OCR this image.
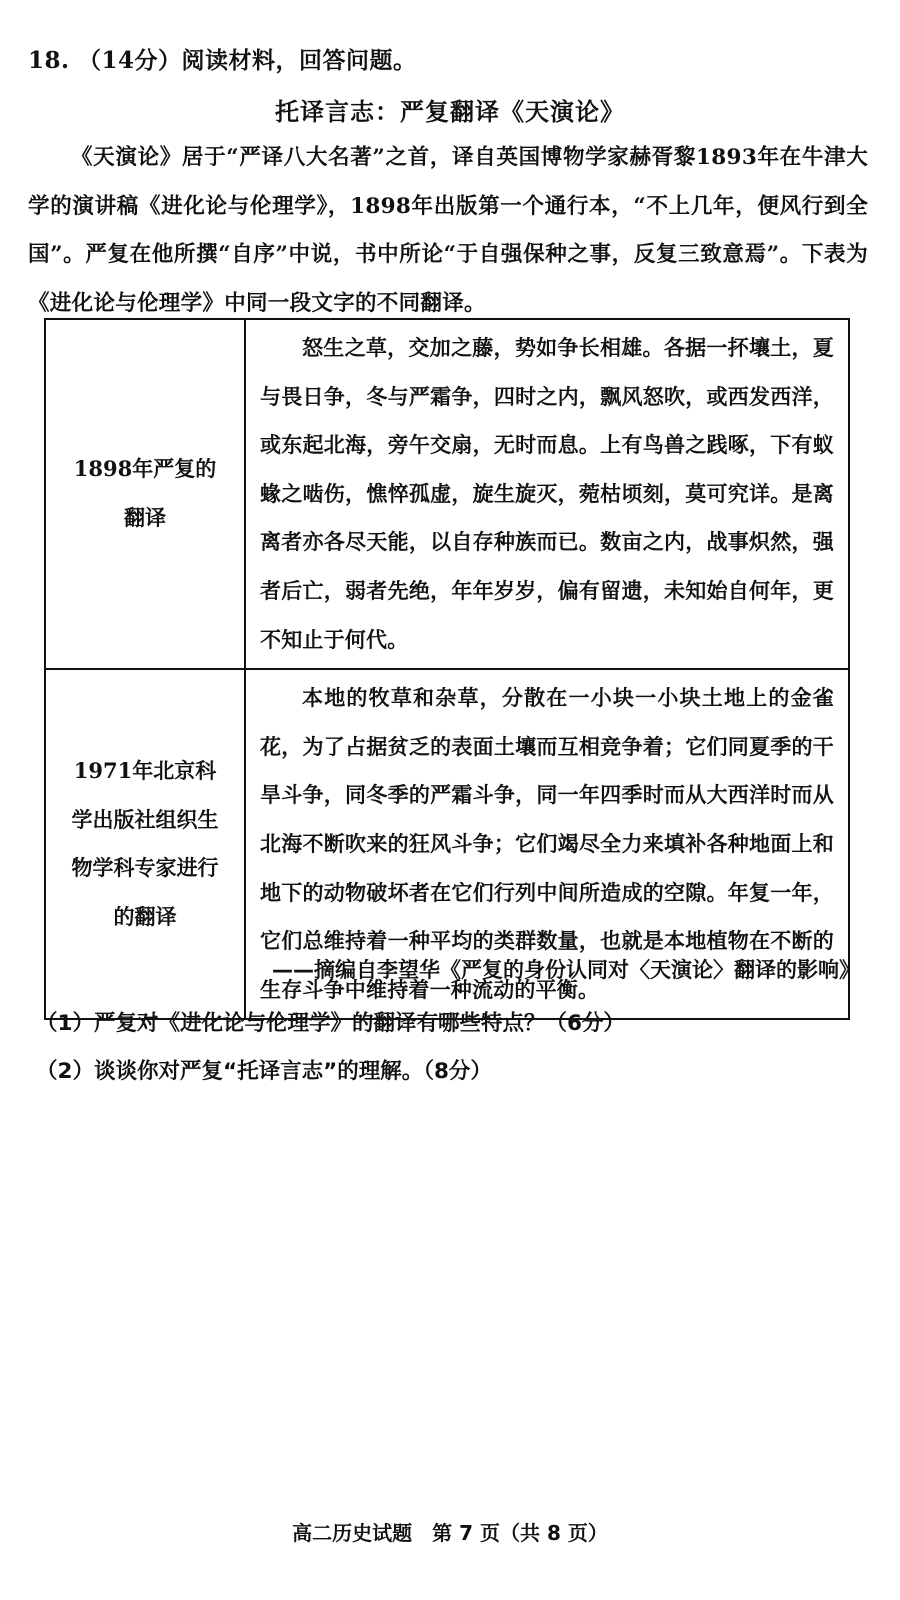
18. （14分）阅读材料，回答问题。
托译言志：严复翻译《天演论》
《天演论》居于“严译八大名著”之首，译自英国博物学家赫胥黎1893年在牛津大学的演讲稿《进化论与伦理学》，1898年出版第一个通行本，“不上几年，便风行到全国”。严复在他所撰“自序”中说，书中所论“于自强保种之事，反复三致意焉”。下表为《进化论与伦理学》中同一段文字的不同翻译。
1898年严复的翻译	怒生之草，交加之藤，势如争长相雄。各据一抔壤土，夏与畏日争，冬与严霜争，四时之内，飘风怒吹，或西发西洋，或东起北海，旁午交扇，无时而息。上有鸟兽之践啄，下有蚁蝝之啮伤，憔悴孤虚，旋生旋灭，菀枯顷刻，莫可究详。是离离者亦各尽天能，以自存种族而已。数亩之内，战事炽然，强者后亡，弱者先绝，年年岁岁，偏有留遗，未知始自何年，更不知止于何代。
1971年北京科学出版社组织生物学科专家进行的翻译	本地的牧草和杂草，分散在一小块一小块土地上的金雀花，为了占据贫乏的表面土壤而互相竞争着；它们同夏季的干旱斗争，同冬季的严霜斗争，同一年四季时而从大西洋时而从北海不断吹来的狂风斗争；它们竭尽全力来填补各种地面上和地下的动物破坏者在它们行列中间所造成的空隙。年复一年，它们总维持着一种平均的类群数量，也就是本地植物在不断的生存斗争中维持着一种流动的平衡。
——摘编自李望华《严复的身份认同对〈天演论〉翻译的影响》
（1）严复对《进化论与伦理学》的翻译有哪些特点？（6分）
（2）谈谈你对严复“托译言志”的理解。（8分）
高二历史试题　第 7 页（共 8 页）
